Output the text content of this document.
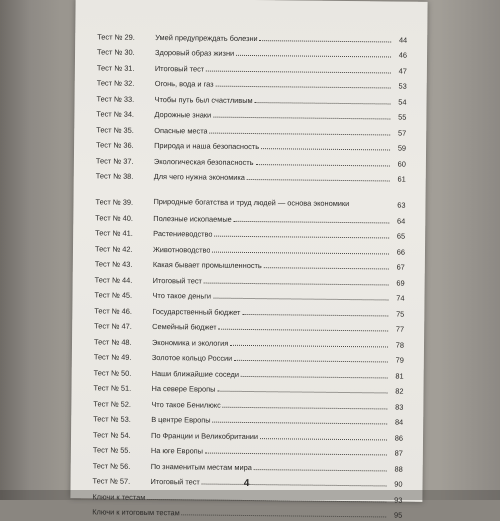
Тест № 29.	Умей предупреждать болезни	44
Тест № 30.	Здоровый образ жизни	46
Тест № 31.	Итоговый тест	47
Тест № 32.	Огонь, вода и газ	53
Тест № 33.	Чтобы путь был счастливым	54
Тест № 34.	Дорожные знаки	55
Тест № 35.	Опасные места	57
Тест № 36.	Природа и наша безопасность	59
Тест № 37.	Экологическая безопасность	60
Тест № 38.	Для чего нужна экономика	61
Тест № 39.	Природные богатства и труд людей — основа экономики	63
Тест № 40.	Полезные ископаемые	64
Тест № 41.	Растениеводство	65
Тест № 42.	Животноводство	66
Тест № 43.	Какая бывает промышленность	67
Тест № 44.	Итоговый тест	69
Тест № 45.	Что такое деньги	74
Тест № 46.	Государственный бюджет	75
Тест № 47.	Семейный бюджет	77
Тест № 48.	Экономика и экология	78
Тест № 49.	Золотое кольцо России	79
Тест № 50.	Наши ближайшие соседи	81
Тест № 51.	На севере Европы	82
Тест № 52.	Что такое Бенилюкс	83
Тест № 53.	В центре Европы	84
Тест № 54.	По Франции и Великобритании	86
Тест № 55.	На юге Европы	87
Тест № 56.	По знаменитым местам мира	88
Тест № 57.	Итоговый тест	90
Ключи к тестам	93
Ключи к итоговым тестам	95
4
